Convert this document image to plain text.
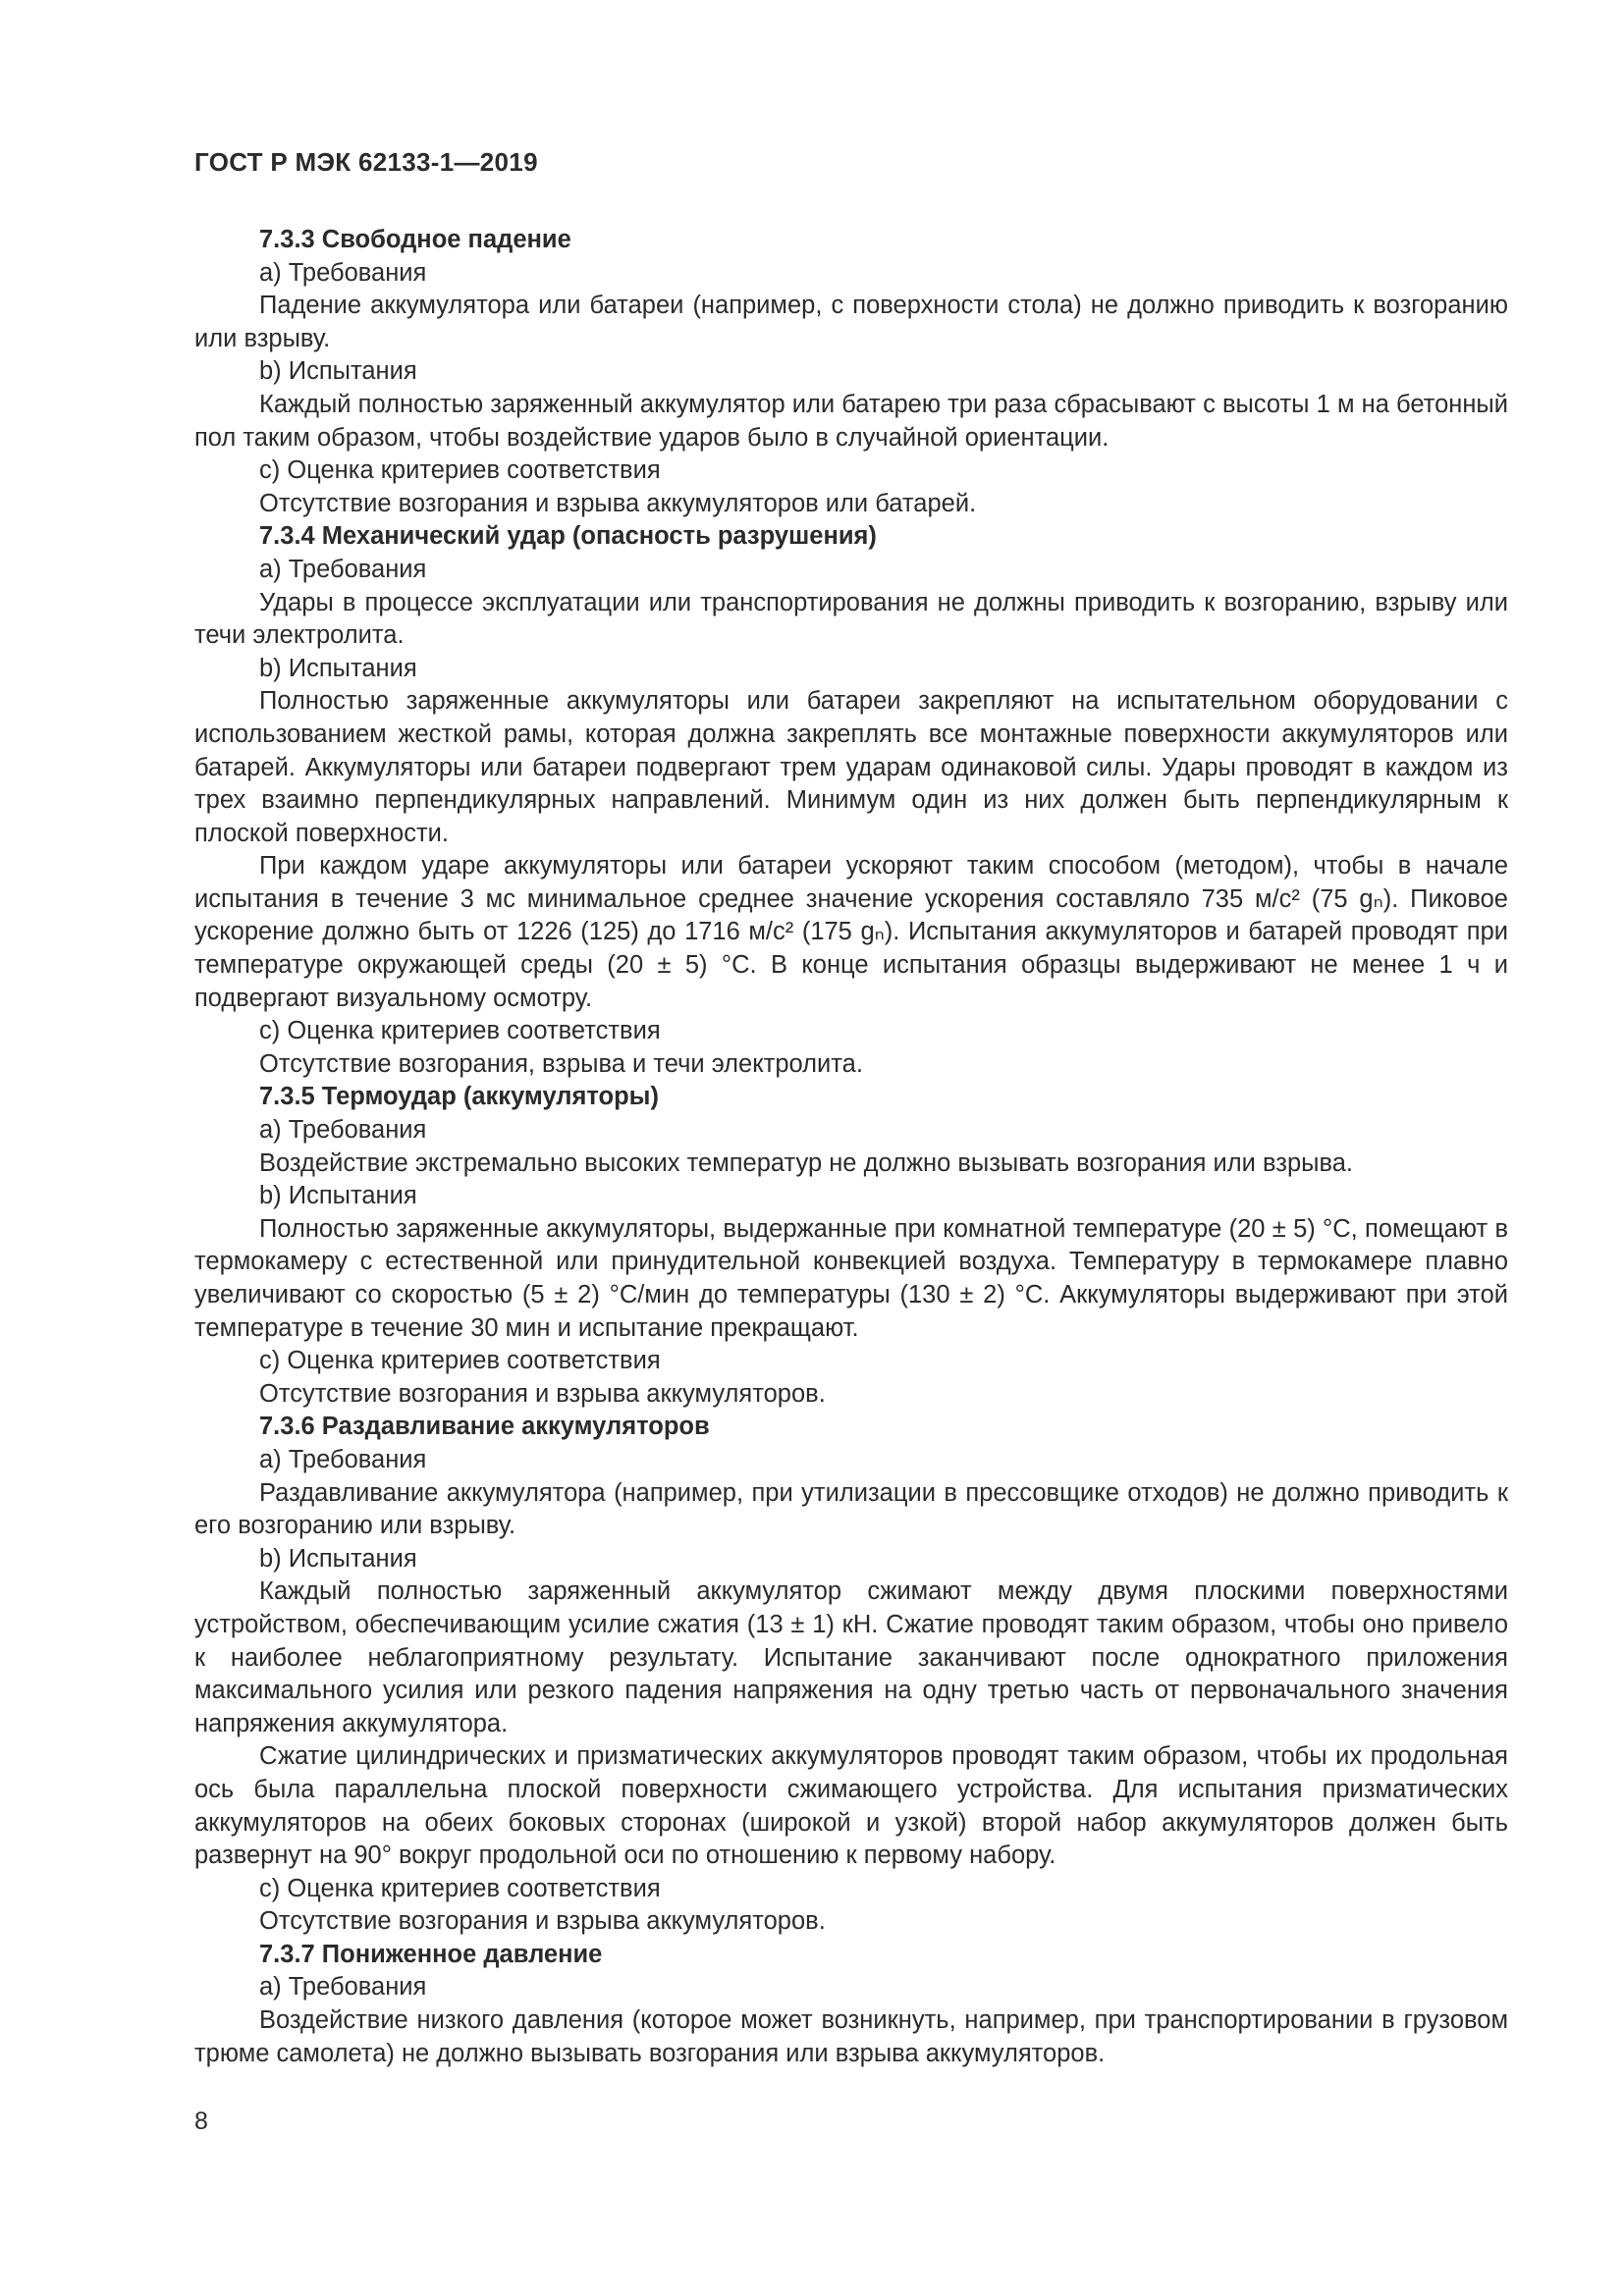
ГОСТ Р МЭК 62133-1—2019
7.3.3 Свободное падение

а) Требования

Падение аккумулятора или батареи (например, с поверхности стола) не должно приводить к возгоранию или взрыву.

b) Испытания

Каждый полностью заряженный аккумулятор или батарею три раза сбрасывают с высоты 1 м на бетонный пол таким образом, чтобы воздействие ударов было в случайной ориентации.

с) Оценка критериев соответствия

Отсутствие возгорания и взрыва аккумуляторов или батарей.

7.3.4 Механический удар (опасность разрушения)

а) Требования

Удары в процессе эксплуатации или транспортирования не должны приводить к возгоранию, взрыву или течи электролита.

b) Испытания

Полностью заряженные аккумуляторы или батареи закрепляют на испытательном оборудовании с использованием жесткой рамы, которая должна закреплять все монтажные поверхности аккумуляторов или батарей. Аккумуляторы или батареи подвергают трем ударам одинаковой силы. Удары проводят в каждом из трех взаимно перпендикулярных направлений. Минимум один из них должен быть перпендикулярным к плоской поверхности.

При каждом ударе аккумуляторы или батареи ускоряют таким способом (методом), чтобы в начале испытания в течение 3 мс минимальное среднее значение ускорения составляло 735 м/с² (75 gₙ). Пиковое ускорение должно быть от 1226 (125) до 1716 м/с² (175 gₙ). Испытания аккумуляторов и батарей проводят при температуре окружающей среды (20 ± 5) °С. В конце испытания образцы выдерживают не менее 1 ч и подвергают визуальному осмотру.

с) Оценка критериев соответствия

Отсутствие возгорания, взрыва и течи электролита.

7.3.5 Термоудар (аккумуляторы)

а) Требования

Воздействие экстремально высоких температур не должно вызывать возгорания или взрыва.

b) Испытания

Полностью заряженные аккумуляторы, выдержанные при комнатной температуре (20 ± 5) °С, помещают в термокамеру с естественной или принудительной конвекцией воздуха. Температуру в термокамере плавно увеличивают со скоростью (5 ± 2) °С/мин до температуры (130 ± 2) °С. Аккумуляторы выдерживают при этой температуре в течение 30 мин и испытание прекращают.

с) Оценка критериев соответствия

Отсутствие возгорания и взрыва аккумуляторов.

7.3.6 Раздавливание аккумуляторов

а) Требования

Раздавливание аккумулятора (например, при утилизации в прессовщике отходов) не должно приводить к его возгоранию или взрыву.

b) Испытания

Каждый полностью заряженный аккумулятор сжимают между двумя плоскими поверхностями устройством, обеспечивающим усилие сжатия (13 ± 1) кН. Сжатие проводят таким образом, чтобы оно привело к наиболее неблагоприятному результату. Испытание заканчивают после однократного приложения максимального усилия или резкого падения напряжения на одну третью часть от первоначального значения напряжения аккумулятора.

Сжатие цилиндрических и призматических аккумуляторов проводят таким образом, чтобы их продольная ось была параллельна плоской поверхности сжимающего устройства. Для испытания призматических аккумуляторов на обеих боковых сторонах (широкой и узкой) второй набор аккумуляторов должен быть развернут на 90° вокруг продольной оси по отношению к первому набору.

с) Оценка критериев соответствия

Отсутствие возгорания и взрыва аккумуляторов.

7.3.7 Пониженное давление

а) Требования

Воздействие низкого давления (которое может возникнуть, например, при транспортировании в грузовом трюме самолета) не должно вызывать возгорания или взрыва аккумуляторов.

8
